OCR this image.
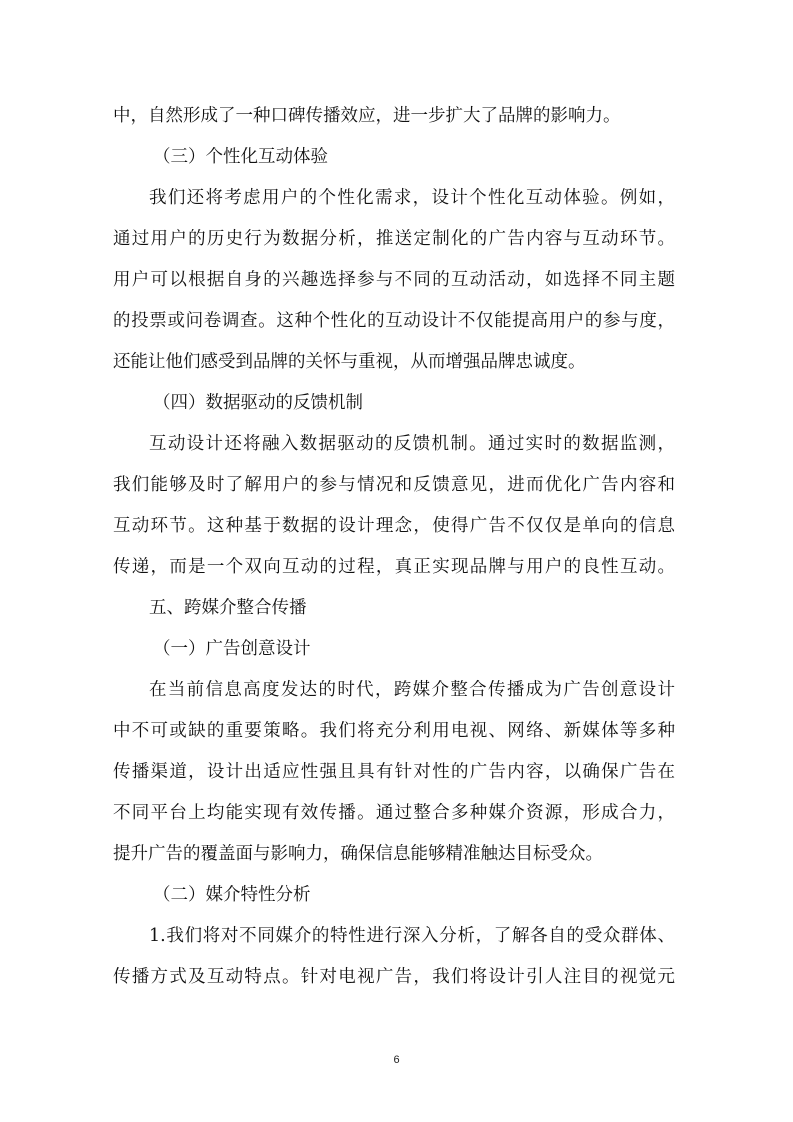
中，自然形成了一种口碑传播效应，进一步扩大了品牌的影响力。
（三）个性化互动体验
我们还将考虑用户的个性化需求，设计个性化互动体验。例如，
通过用户的历史行为数据分析，推送定制化的广告内容与互动环节。
用户可以根据自身的兴趣选择参与不同的互动活动，如选择不同主题
的投票或问卷调查。这种个性化的互动设计不仅能提高用户的参与度，
还能让他们感受到品牌的关怀与重视，从而增强品牌忠诚度。
（四）数据驱动的反馈机制
互动设计还将融入数据驱动的反馈机制。通过实时的数据监测，
我们能够及时了解用户的参与情况和反馈意见，进而优化广告内容和
互动环节。这种基于数据的设计理念，使得广告不仅仅是单向的信息
传递，而是一个双向互动的过程，真正实现品牌与用户的良性互动。
五、跨媒介整合传播
（一）广告创意设计
在当前信息高度发达的时代，跨媒介整合传播成为广告创意设计
中不可或缺的重要策略。我们将充分利用电视、网络、新媒体等多种
传播渠道，设计出适应性强且具有针对性的广告内容，以确保广告在
不同平台上均能实现有效传播。通过整合多种媒介资源，形成合力，
提升广告的覆盖面与影响力，确保信息能够精准触达目标受众。
（二）媒介特性分析
1.我们将对不同媒介的特性进行深入分析，了解各自的受众群体、
传播方式及互动特点。针对电视广告，我们将设计引人注目的视觉元
6
